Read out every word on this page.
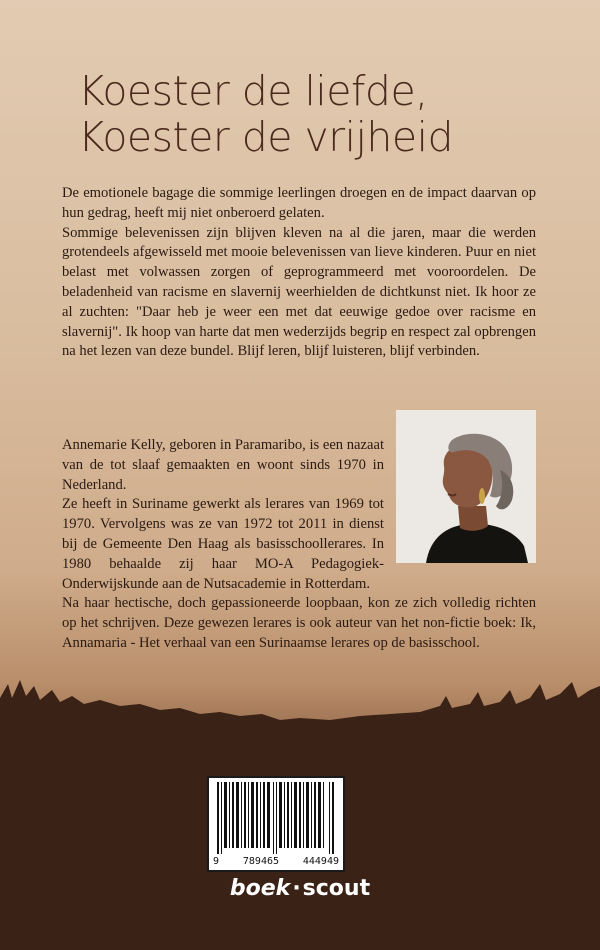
Koester de liefde,
Koester de vrijheid

De emotionele bagage die sommige leerlingen droegen en de impact daarvan op hun gedrag, heeft mij niet onberoerd gelaten.

Sommige belevenissen zijn blijven kleven na al die jaren, maar die werden grotendeels afgewisseld met mooie belevenissen van lieve kinderen. Puur en niet belast met volwassen zorgen of geprogrammeerd met vooroordelen. De beladenheid van racisme en slavernij weerhielden de dichtkunst niet. Ik hoor ze al zuchten: "Daar heb je weer een met dat eeuwige gedoe over racisme en slavernij". Ik hoop van harte dat men wederzijds begrip en respect zal opbrengen na het lezen van deze bundel. Blijf leren, blijf luisteren, blijf verbinden.

Annemarie Kelly, geboren in Paramaribo, is een nazaat van de tot slaaf gemaakten en woont sinds 1970 in Nederland.

Ze heeft in Suriname gewerkt als lerares van 1969 tot 1970. Vervolgens was ze van 1972 tot 2011 in dienst bij de Gemeente Den Haag als basisschoollerares. In 1980 behaalde zij haar MO-A Pedagogiek-Onderwijskunde aan de Nutsacademie in Rotterdam.

Na haar hectische, doch gepassioneerde loopbaan, kon ze zich volledig richten op het schrijven. Deze gewezen lerares is ook auteur van het non-fictie boek: Ik, Annamaria - Het verhaal van een Surinaamse lerares op de basisschool.

9 789465 444949
boek·scout
